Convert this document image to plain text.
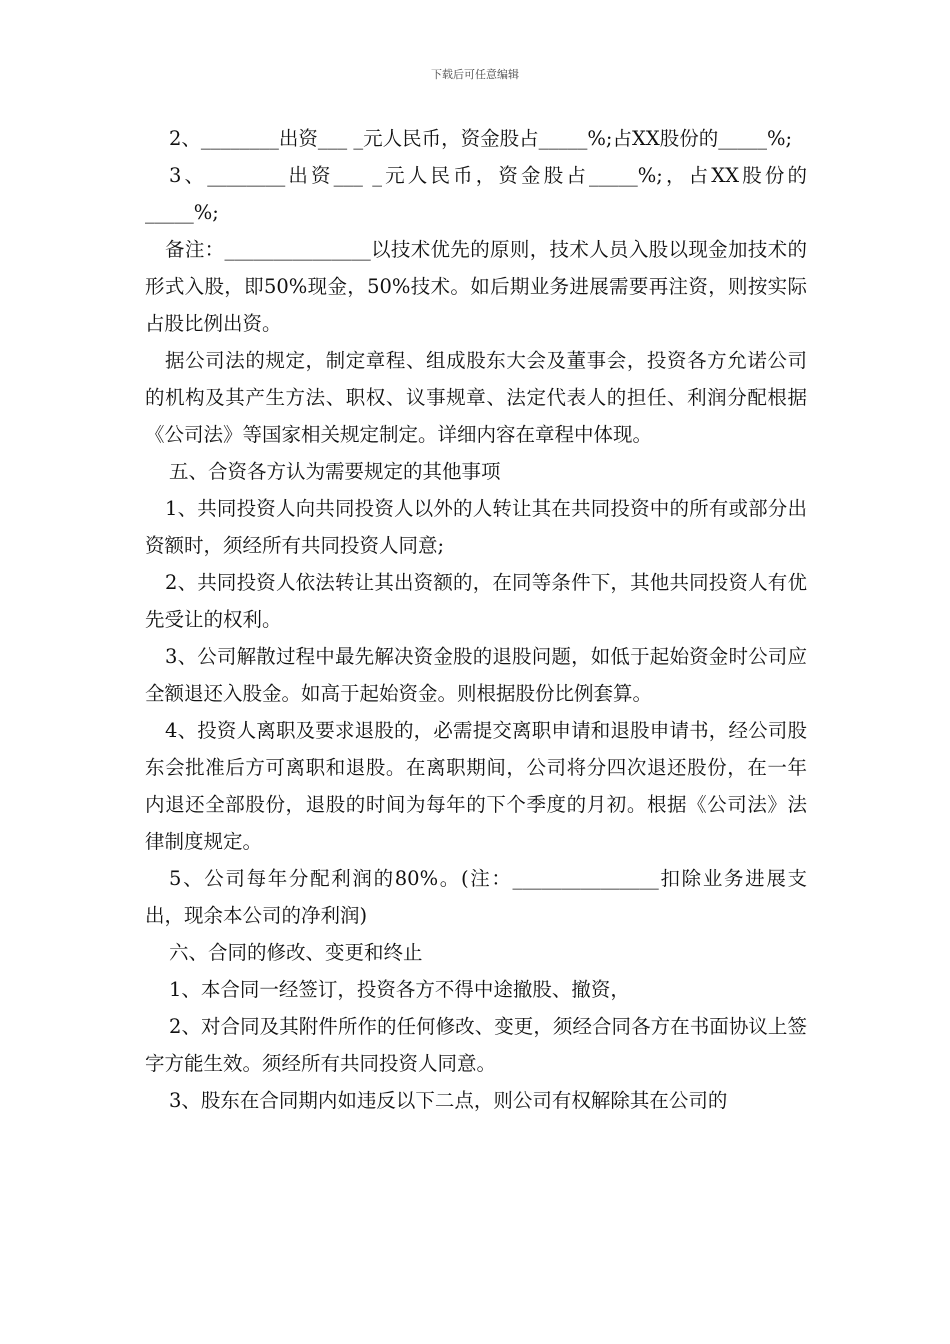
下载后可任意编辑

2、________出资___ _元人民币，资金股占_____%;占XX股份的_____%;

3、________出资___ _元人民币，资金股占_____%;，占XX股份的_____%;

备注：_______________以技术优先的原则，技术人员入股以现金加技术的形式入股，即50%现金，50%技术。如后期业务进展需要再注资，则按实际占股比例出资。

据公司法的规定，制定章程、组成股东大会及董事会，投资各方允诺公司的机构及其产生方法、职权、议事规章、法定代表人的担任、利润分配根据《公司法》等国家相关规定制定。详细内容在章程中体现。

五、合资各方认为需要规定的其他事项

1、共同投资人向共同投资人以外的人转让其在共同投资中的所有或部分出资额时，须经所有共同投资人同意;

2、共同投资人依法转让其出资额的，在同等条件下，其他共同投资人有优先受让的权利。

3、公司解散过程中最先解决资金股的退股问题，如低于起始资金时公司应全额退还入股金。如高于起始资金。则根据股份比例套算。

4、投资人离职及要求退股的，必需提交离职申请和退股申请书，经公司股东会批准后方可离职和退股。在离职期间，公司将分四次退还股份，在一年内退还全部股份，退股的时间为每年的下个季度的月初。根据《公司法》法律制度规定。

5、公司每年分配利润的80%。(注：_______________扣除业务进展支出，现余本公司的净利润)

六、合同的修改、变更和终止

1、本合同一经签订，投资各方不得中途撤股、撤资，

2、对合同及其附件所作的任何修改、变更，须经合同各方在书面协议上签字方能生效。须经所有共同投资人同意。

3、股东在合同期内如违反以下二点，则公司有权解除其在公司的
